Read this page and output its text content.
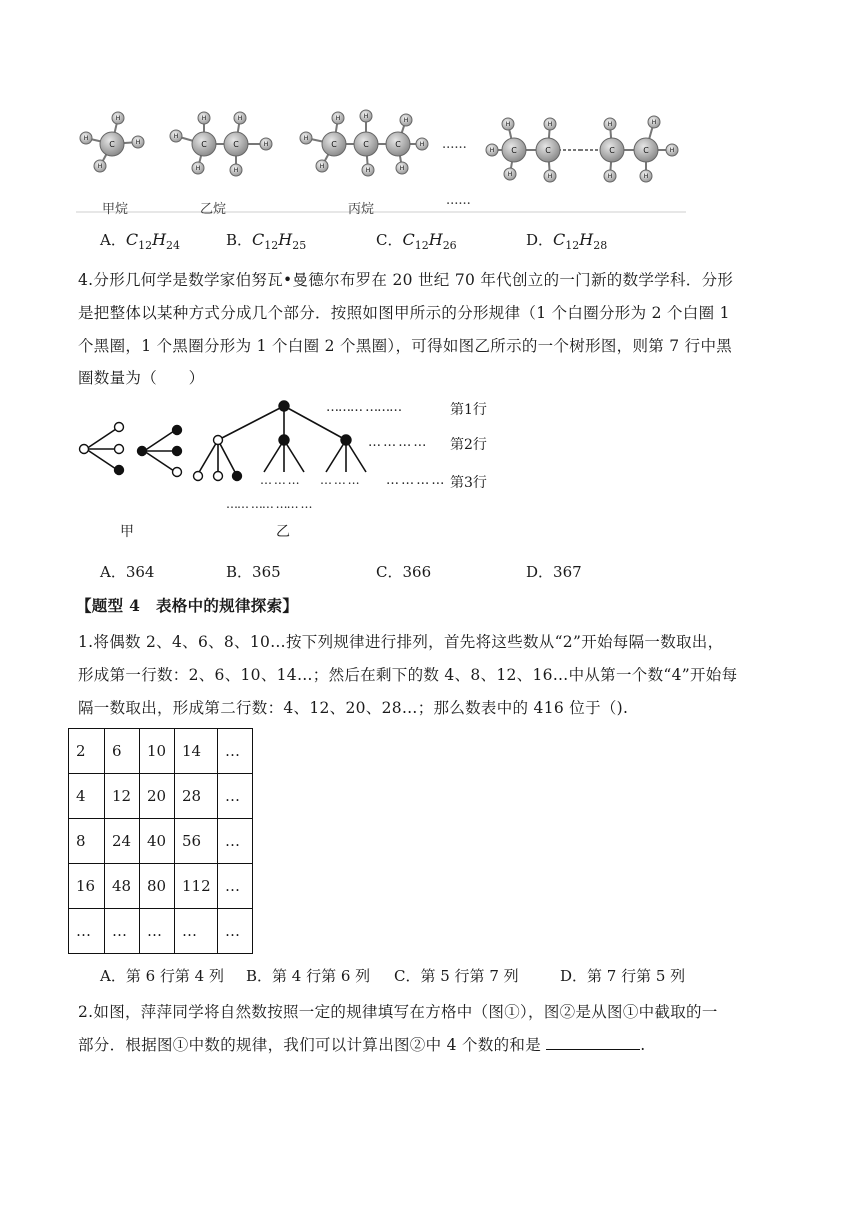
C	C	C	C	C	C
C	C	C	C
H
H
H
H
H
H
H
H
H
H
H
H
H
H
H
H
H
H
H
H
H
H
H
H
H
H
H
H
......
甲烷	乙烷	丙烷
......
A．$C_{12}H_{24}$	B．$C_{12}H_{25}$	C．$C_{12}H_{26}$	D．$C_{12}H_{28}$
4.分形几何学是数学家伯努瓦•曼德尔布罗在 20 世纪 70 年代创立的一门新的数学学科．分形
是把整体以某种方式分成几个部分．按照如图甲所示的分形规律（1 个白圈分形为 2 个白圈 1
个黑圈，1 个黑圈分形为 1 个白圈 2 个黑圈），可得如图乙所示的一个树形图，则第 7 行中黑
圈数量为（　　）
……… ………	第1行
… … … … 第2行
… … … … 第3行
… … … … … …
…… …… …… …
甲	乙
A．364	B．365	C．366	D．367
【题型 4　表格中的规律探索】
1.将偶数 2、4、6、8、10…按下列规律进行排列，首先将这些数从“2”开始每隔一数取出，
形成第一行数：2、6、10、14…；然后在剩下的数 4、8、12、16…中从第一个数“4”开始每
隔一数取出，形成第二行数：4、12、20、28…；那么数表中的 416 位于（).
2	6	10	14	…
4	12	20	28	…
8	24	40	56	…
16	48	80	112	…
…	…	…	…	…
A．第 6 行第 4 列 B．第 4 行第 6 列 C．第 5 行第 7 列	D．第 7 行第 5 列
2.如图，萍萍同学将自然数按照一定的规律填写在方格中（图①），图②是从图①中截取的一
部分．根据图①中数的规律，我们可以计算出图②中 4 个数的和是	.
